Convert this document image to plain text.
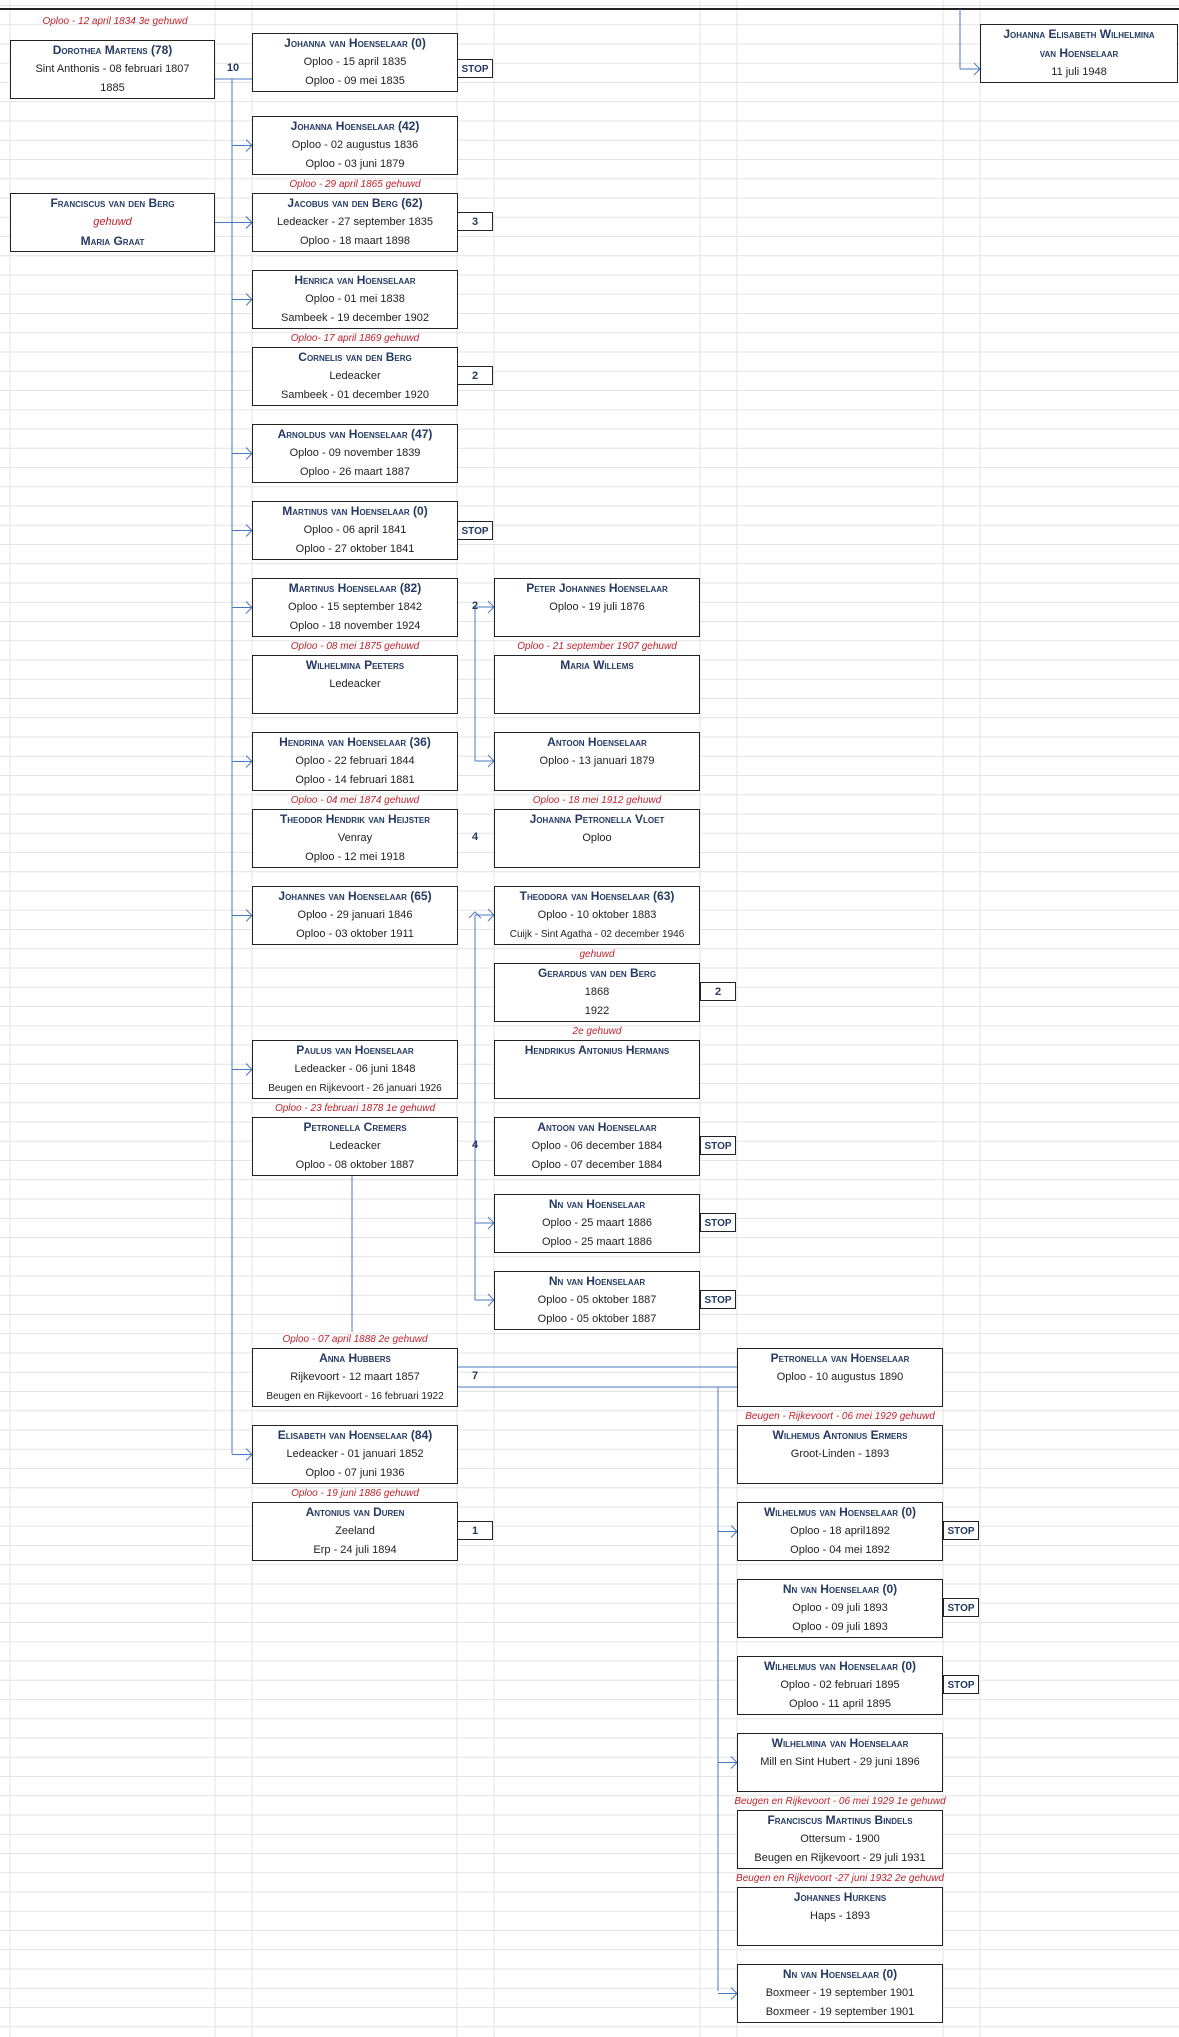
Oploo - 12 april 1834 3e gehuwd
Dorothea Martens (78)
Sint Anthonis - 08 februari 1807
1885
Franciscus van den Berg
gehuwd
Maria Graat
Johanna van Hoenselaar (0)
Oploo - 15 april 1835
Oploo - 09 mei 1835
Johanna Hoenselaar (42)
Oploo - 02 augustus 1836
Oploo - 03 juni 1879
Jacobus van den Berg (62)
Ledeacker - 27 september 1835
Oploo - 18 maart 1898
Henrica van Hoenselaar
Oploo - 01 mei 1838
Sambeek - 19 december 1902
Cornelis van den Berg
Ledeacker
Sambeek - 01 december 1920
Arnoldus van Hoenselaar (47)
Oploo - 09 november 1839
Oploo - 26 maart 1887
Martinus van Hoenselaar (0)
Oploo - 06 april 1841
Oploo - 27 oktober 1841
Martinus Hoenselaar (82)
Oploo - 15 september 1842
Oploo - 18 november 1924
Wilhelmina Peeters
Ledeacker
Hendrina van Hoenselaar (36)
Oploo - 22 februari 1844
Oploo - 14 februari 1881
Theodor Hendrik van Heijster
Venray
Oploo - 12 mei 1918
Johannes van Hoenselaar (65)
Oploo - 29 januari 1846
Oploo - 03 oktober 1911
Paulus van Hoenselaar
Ledeacker - 06 juni 1848
Beugen en Rijkevoort - 26 januari 1926
Petronella Cremers
Ledeacker
Oploo - 08 oktober 1887
Anna Hubbers
Rijkevoort - 12 maart 1857
Beugen en Rijkevoort - 16 februari 1922
Elisabeth van Hoenselaar (84)
Ledeacker - 01 januari 1852
Oploo - 07 juni 1936
Antonius van Duren
Zeeland
Erp - 24 juli 1894
Peter Johannes Hoenselaar
Oploo - 19 juli 1876
Maria Willems
Antoon Hoenselaar
Oploo - 13 januari 1879
Johanna Petronella Vloet
Oploo
Theodora van Hoenselaar (63)
Oploo - 10 oktober 1883
Cuijk - Sint Agatha - 02 december 1946
Gerardus van den Berg
1868
1922
Hendrikus Antonius Hermans
Antoon van Hoenselaar
Oploo - 06 december 1884
Oploo - 07 december 1884
Nn van Hoenselaar
Oploo - 25 maart 1886
Oploo - 25 maart 1886
Nn van Hoenselaar
Oploo - 05 oktober 1887
Oploo - 05 oktober 1887
Petronella van Hoenselaar
Oploo - 10 augustus 1890
Wilhemus Antonius Ermers
Groot-Linden - 1893
Wilhelmus van Hoenselaar (0)
Oploo - 18 april1892
Oploo - 04 mei 1892
Nn van Hoenselaar (0)
Oploo - 09 juli 1893
Oploo - 09 juli 1893
Wilhelmus van Hoenselaar (0)
Oploo - 02 februari 1895
Oploo - 11 april 1895
Wilhelmina van Hoenselaar
Mill en Sint Hubert - 29 juni 1896
Franciscus Martinus Bindels
Ottersum - 1900
Beugen en Rijkevoort - 29 juli 1931
Johannes Hurkens
Haps - 1893
Nn van Hoenselaar (0)
Boxmeer - 19 september 1901
Boxmeer - 19 september 1901
Johanna Elisabeth Wilhelmina
van Hoenselaar
11 juli 1948
Oploo - 29 april 1865 gehuwd
Oploo- 17 april 1869 gehuwd
Oploo - 08 mei 1875 gehuwd	Oploo - 21 september 1907 gehuwd
Oploo - 04 mei 1874 gehuwd	Oploo - 18 mei 1912 gehuwd
gehuwd
2e gehuwd
Oploo - 23 februari 1878 1e gehuwd
Oploo - 07 april 1888 2e gehuwd
Beugen - Rijkevoort - 06 mei 1929 gehuwd
Oploo - 19 juni 1886 gehuwd
Beugen en Rijkevoort - 06 mei 1929 1e gehuwd
Beugen en Rijkevoort -27 juni 1932 2e gehuwd
10
3
2
2
4
2
4
7
1
STOP
STOP
STOP
STOP
STOP
STOP
STOP
STOP
